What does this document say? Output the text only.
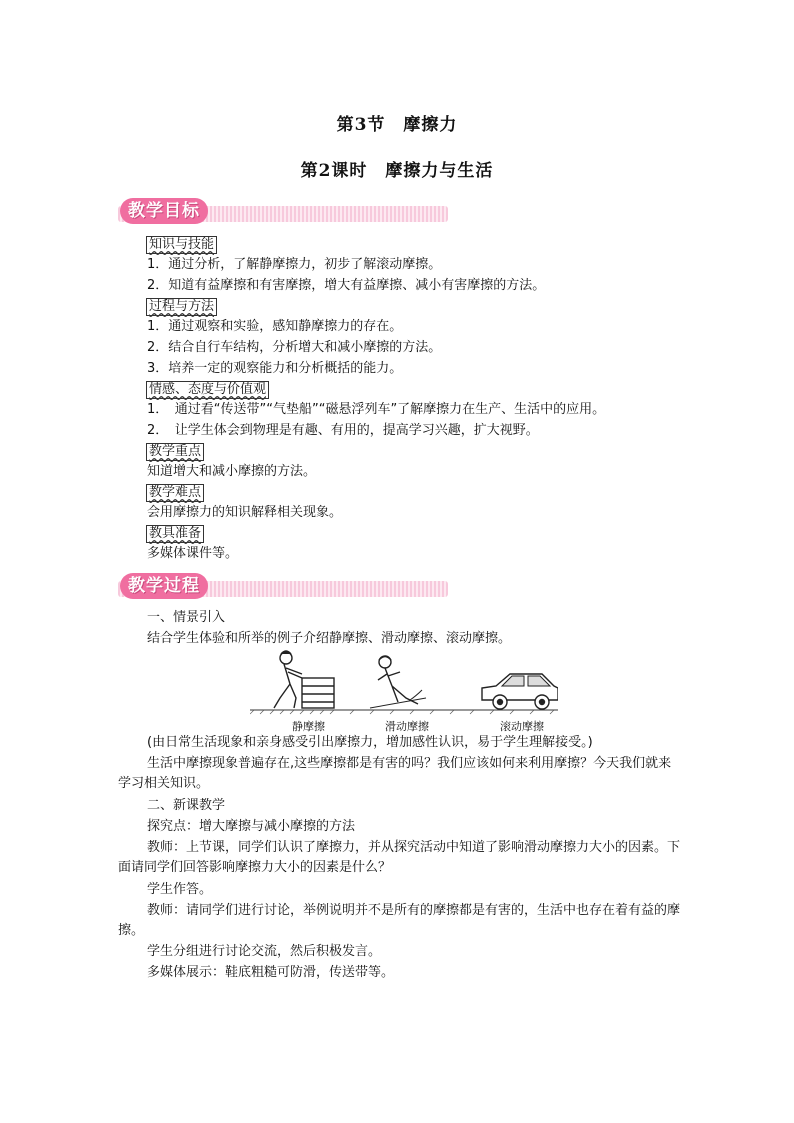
第3节　摩擦力
第2课时　摩擦力与生活
教学目标
知识与技能
1．通过分析，了解静摩擦力，初步了解滚动摩擦。
2．知道有益摩擦和有害摩擦，增大有益摩擦、减小有害摩擦的方法。
过程与方法
1．通过观察和实验，感知静摩擦力的存在。
2．结合自行车结构，分析增大和减小摩擦的方法。
3．培养一定的观察能力和分析概括的能力。
情感、态度与价值观
1．　通过看“传送带”“气垫船”“磁悬浮列车”了解摩擦力在生产、生活中的应用。
2．　让学生体会到物理是有趣、有用的，提高学习兴趣，扩大视野。
教学重点
知道增大和减小摩擦的方法。
教学难点
会用摩擦力的知识解释相关现象。
教具准备
多媒体课件等。
教学过程
一、情景引入
结合学生体验和所举的例子介绍静摩擦、滑动摩擦、滚动摩擦。
静摩擦	滑动摩擦	滚动摩擦
(由日常生活现象和亲身感受引出摩擦力，增加感性认识，易于学生理解接受。)
生活中摩擦现象普遍存在,这些摩擦都是有害的吗？我们应该如何来利用摩擦？今天我们就来学习相关知识。
二、新课教学
探究点：增大摩擦与减小摩擦的方法
教师：上节课，同学们认识了摩擦力，并从探究活动中知道了影响滑动摩擦力大小的因素。下面请同学们回答影响摩擦力大小的因素是什么？
学生作答。
教师：请同学们进行讨论，举例说明并不是所有的摩擦都是有害的，生活中也存在着有益的摩擦。
学生分组进行讨论交流，然后积极发言。
多媒体展示：鞋底粗糙可防滑，传送带等。
